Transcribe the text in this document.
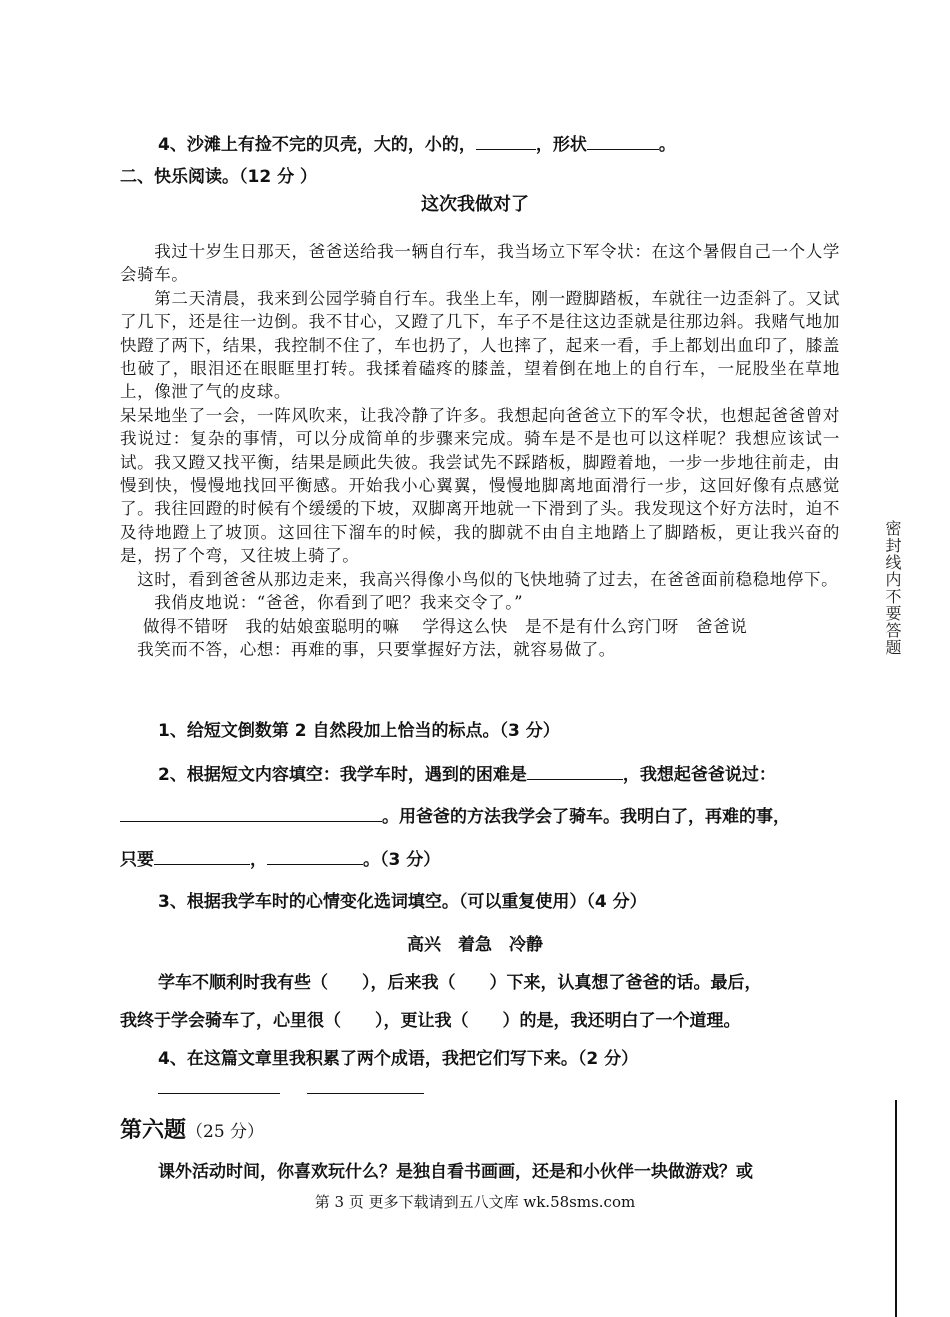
4、沙滩上有捡不完的贝壳，大的，小的，	，形状	。
二、快乐阅读。（12 分 ）
这次我做对了

　　我过十岁生日那天，爸爸送给我一辆自行车，我当场立下军令状：在这个暑假自己一个人学会骑车。

　　第二天清晨，我来到公园学骑自行车。我坐上车，刚一蹬脚踏板，车就往一边歪斜了。又试了几下，还是往一边倒。我不甘心，又蹬了几下，车子不是往这边歪就是往那边斜。我赌气地加快蹬了两下，结果，我控制不住了，车也扔了，人也摔了，起来一看，手上都划出血印了，膝盖也破了，眼泪还在眼眶里打转。我揉着磕疼的膝盖，望着倒在地上的自行车，一屁股坐在草地上，像泄了气的皮球。

呆呆地坐了一会，一阵风吹来，让我冷静了许多。我想起向爸爸立下的军令状，也想起爸爸曾对我说过：复杂的事情，可以分成简单的步骤来完成。骑车是不是也可以这样呢？我想应该试一试。我又蹬又找平衡，结果是顾此失彼。我尝试先不踩踏板，脚蹬着地，一步一步地往前走，由慢到快，慢慢地找回平衡感。开始我小心翼翼，慢慢地脚离地面滑行一步，这回好像有点感觉了。我往回蹬的时候有个缓缓的下坡，双脚离开地就一下滑到了头。我发现这个好方法时，迫不及待地蹬上了坡顶。这回往下溜车的时候，我的脚就不由自主地踏上了脚踏板，更让我兴奋的是，拐了个弯，又往坡上骑了。

　这时，看到爸爸从那边走来，我高兴得像小鸟似的飞快地骑了过去，在爸爸面前稳稳地停下。

　　我俏皮地说：“爸爸，你看到了吧？我来交令了。”

　 做得不错呀　我的姑娘蛮聪明的嘛　 学得这么快　是不是有什么窍门呀　爸爸说

　我笑而不答，心想：再难的事，只要掌握好方法，就容易做了。

1、给短文倒数第 2 自然段加上恰当的标点。（3 分）
2、根据短文内容填空：我学车时，遇到的困难是	，我想起爸爸说过：
。用爸爸的方法我学会了骑车。我明白了，再难的事，
只要	，	。（3 分）
3、根据我学车时的心情变化选词填空。（可以重复使用）（4 分）
高兴　着急　冷静
学车不顺利时我有些（　　），后来我（　　）下来，认真想了爸爸的话。最后，
我终于学会骑车了，心里很（　　），更让我（　　）的是，我还明白了一个道理。
4、在这篇文章里我积累了两个成语，我把它们写下来。（2 分）
第六题（25 分）
课外活动时间，你喜欢玩什么？是独自看书画画，还是和小伙伴一块做游戏？或
第 3 页 更多下载请到五八文库 wk.58sms.com
密封线内不要答题
